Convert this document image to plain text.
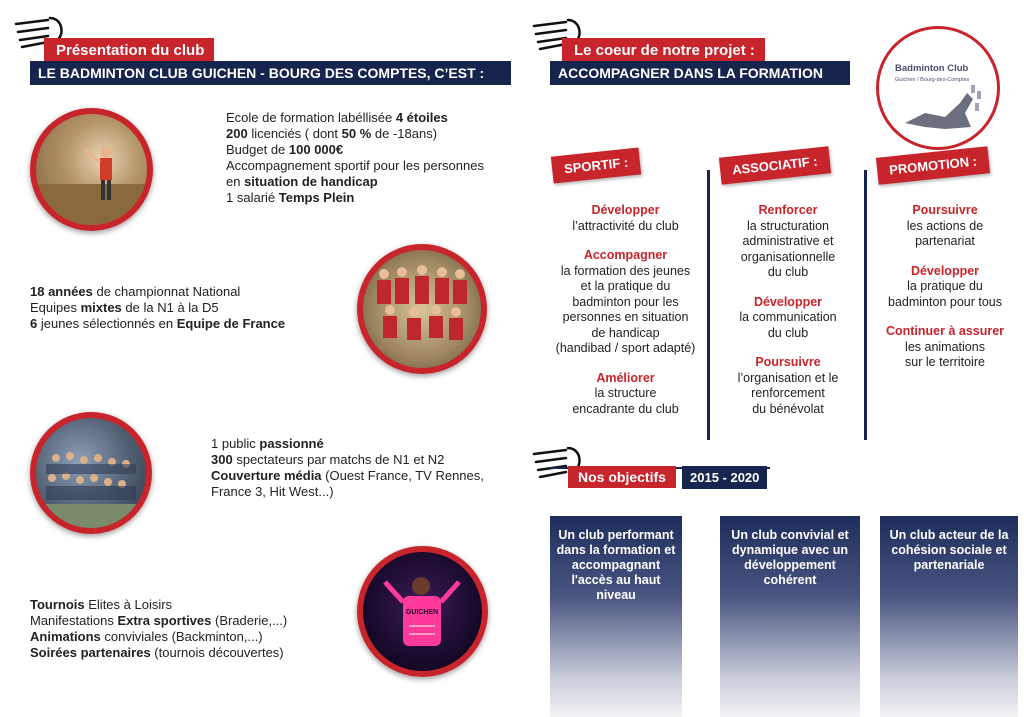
Présentation du club
LE BADMINTON CLUB GUICHEN - BOURG DES COMPTES, C’EST :
GUICHEN
Ecole de formation labéllisée 4 étoiles
200 licenciés ( dont 50 % de -18ans)
Budget de 100 000€
Accompagnement sportif pour les personnes
en situation de handicap
1 salarié Temps Plein
18 années de championnat National
Equipes mixtes de la N1 à la D5
6 jeunes sélectionnés en Equipe de France
1 public passionné
300 spectateurs par matchs de N1 et N2
Couverture média (Ouest France, TV Rennes,
France 3, Hit West...)
Tournois Elites à Loisirs
Manifestations Extra sportives (Braderie,...)
Animations conviviales (Backminton,...)
Soirées partenaires (tournois découvertes)
Le coeur de notre projet :
ACCOMPAGNER DANS LA FORMATION	Badminton Club
Guichen / Bourg-des-Comptes
SPORTIF :	ASSOCIATIF :	PROMOTION :
Développer
l’attractivité du club
Accompagner
la formation des jeunes
et la pratique du
badminton pour les
personnes en situation
de handicap
(handibad / sport adapté)
Améliorer
la structure
encadrante du club
Renforcer
la structuration
administrative et
organisationnelle
du club
Développer
la communication
du club
Poursuivre
l’organisation et le
renforcement
du bénévolat
Poursuivre
les actions de
partenariat
Développer
la pratique du
badminton pour tous
Continuer à assurer
les animations
sur le territoire
Nos objectifs	2015 - 2020
Un club performant dans la formation et accompagnant l'accès au haut niveau
Un club convivial et dynamique avec un développement cohérent
Un club acteur de la cohésion sociale et partenariale
